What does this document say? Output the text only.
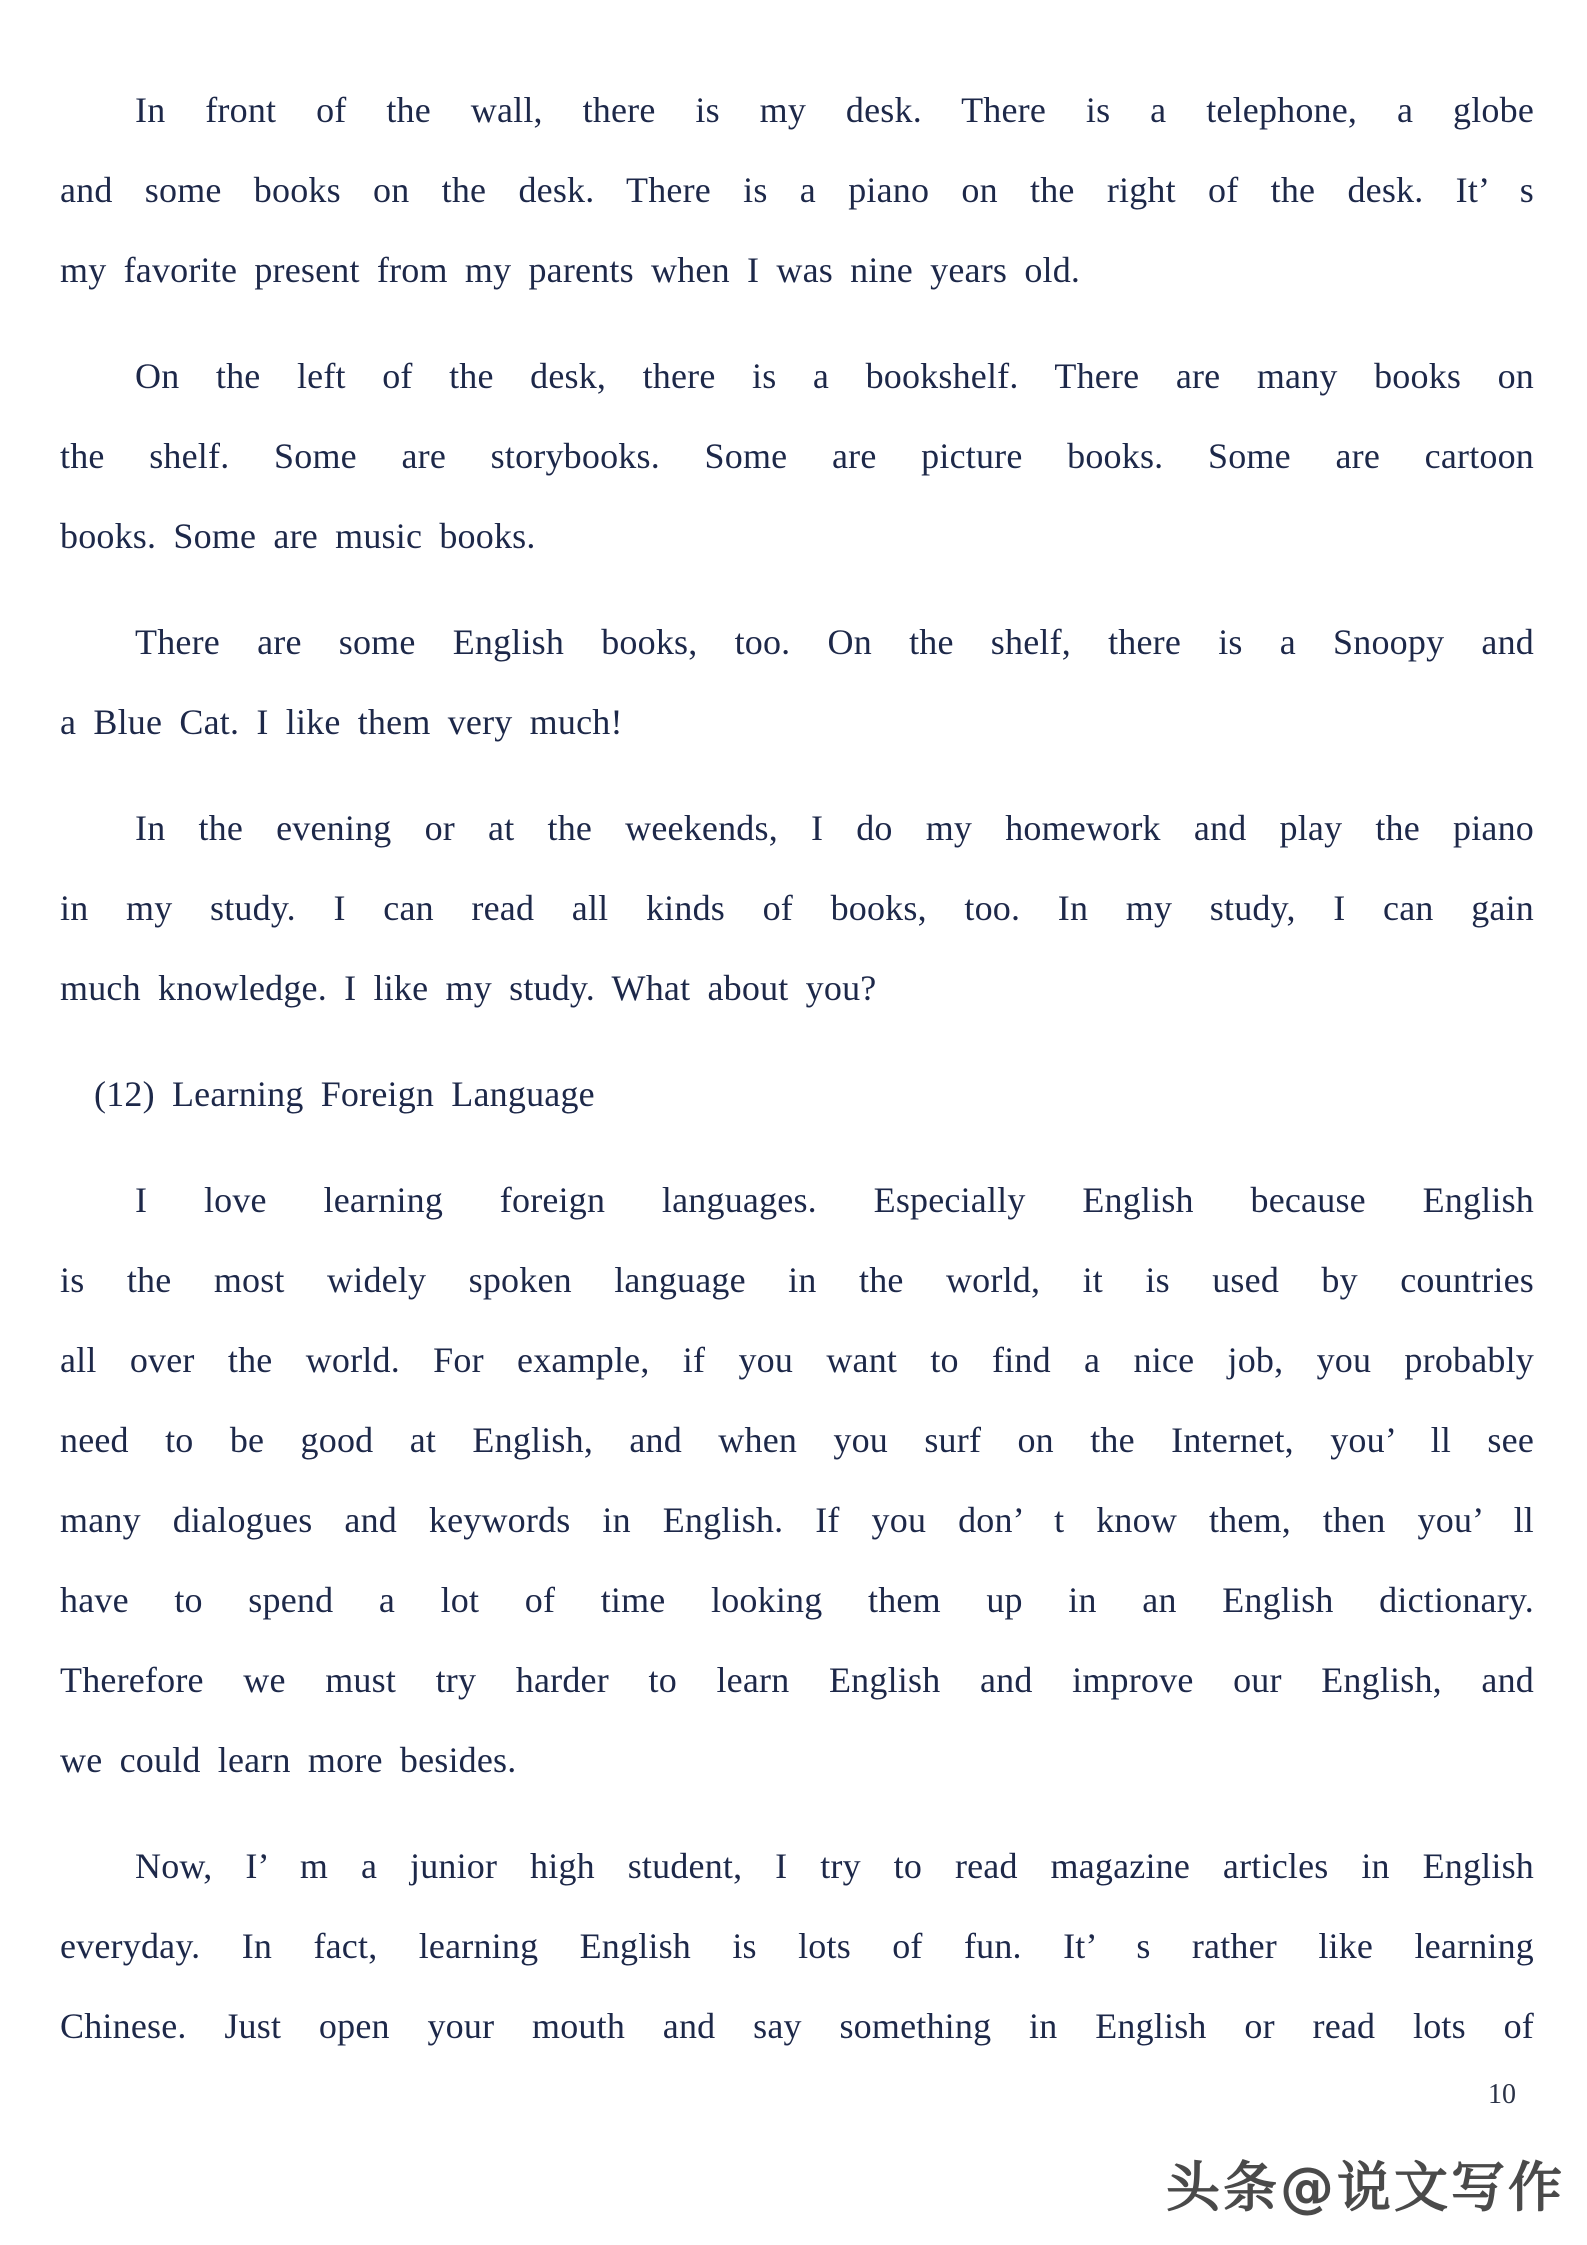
In front of the wall, there is my desk. There is a telephone, a globe
and some books on the desk. There is a piano on the right of the desk. It’ s
my favorite present from my parents when I was nine years old.
On the left of the desk, there is a bookshelf. There are many books on
the shelf. Some are storybooks. Some are picture books. Some are cartoon
books. Some are music books.
There are some English books, too. On the shelf, there is a Snoopy and
a Blue Cat. I like them very much!
In the evening or at the weekends, I do my homework and play the piano
in my study. I can read all kinds of books, too. In my study, I can gain
much knowledge. I like my study. What about you?
(12) Learning Foreign Language
I love learning foreign languages. Especially English because English
is the most widely spoken language in the world, it is used by countries
all over the world. For example, if you want to find a nice job, you probably
need to be good at English, and when you surf on the Internet, you’ ll see
many dialogues and keywords in English. If you don’ t know them, then you’ ll
have to spend a lot of time looking them up in an English dictionary.
Therefore we must try harder to learn English and improve our English, and
we could learn more besides.
Now, I’ m a junior high student, I try to read magazine articles in English
everyday. In fact, learning English is lots of fun. It’ s rather like learning
Chinese. Just open your mouth and say something in English or read lots of
10
头条@说文写作
